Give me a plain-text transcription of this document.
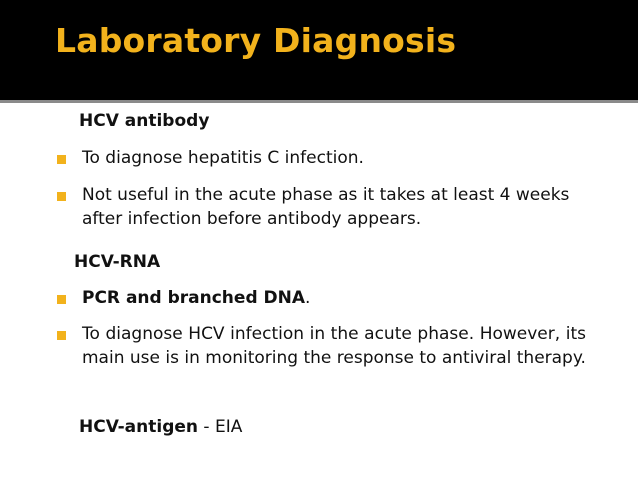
Laboratory Diagnosis
HCV antibody
To diagnose hepatitis C infection.
Not useful in the acute phase as it takes at least 4 weeks after infection before antibody appears.
HCV-RNA
PCR and branched DNA.
To diagnose HCV infection in the acute phase. However, its main use is in monitoring the response to antiviral therapy.
HCV-antigen - EIA
